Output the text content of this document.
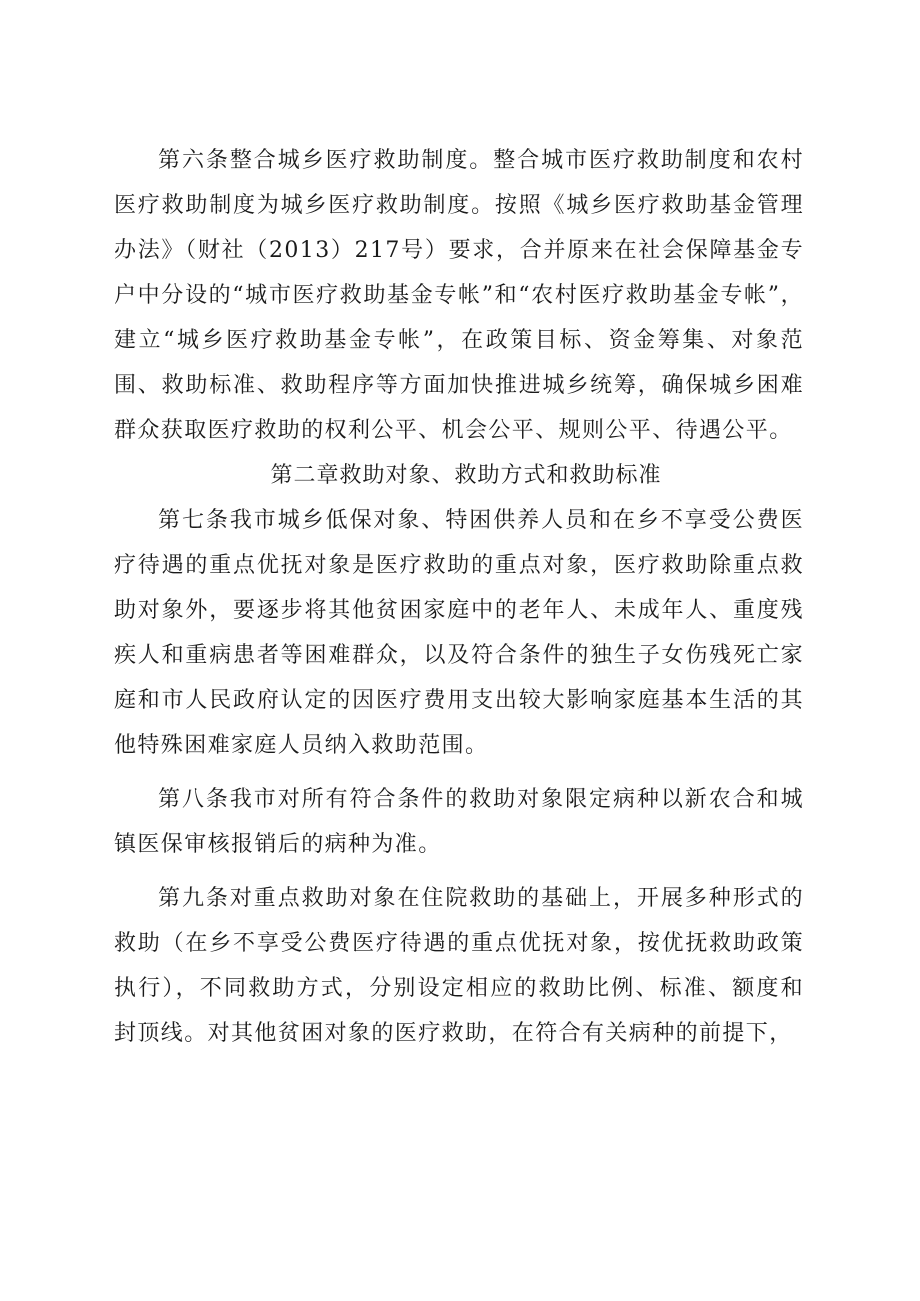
第六条整合城乡医疗救助制度。整合城市医疗救助制度和农村医疗救助制度为城乡医疗救助制度。按照《城乡医疗救助基金管理办法》（财社（2013）217号）要求，合并原来在社会保障基金专户中分设的“城市医疗救助基金专帐”和“农村医疗救助基金专帐”，建立“城乡医疗救助基金专帐”，在政策目标、资金筹集、对象范围、救助标准、救助程序等方面加快推进城乡统筹，确保城乡困难群众获取医疗救助的权利公平、机会公平、规则公平、待遇公平。

第二章救助对象、救助方式和救助标准

第七条我市城乡低保对象、特困供养人员和在乡不享受公费医疗待遇的重点优抚对象是医疗救助的重点对象，医疗救助除重点救助对象外，要逐步将其他贫困家庭中的老年人、未成年人、重度残疾人和重病患者等困难群众，以及符合条件的独生子女伤残死亡家庭和市人民政府认定的因医疗费用支出较大影响家庭基本生活的其他特殊困难家庭人员纳入救助范围。

第八条我市对所有符合条件的救助对象限定病种以新农合和城镇医保审核报销后的病种为准。

第九条对重点救助对象在住院救助的基础上，开展多种形式的救助（在乡不享受公费医疗待遇的重点优抚对象，按优抚救助政策执行），不同救助方式，分别设定相应的救助比例、标准、额度和封顶线。对其他贫困对象的医疗救助，在符合有关病种的前提下，
